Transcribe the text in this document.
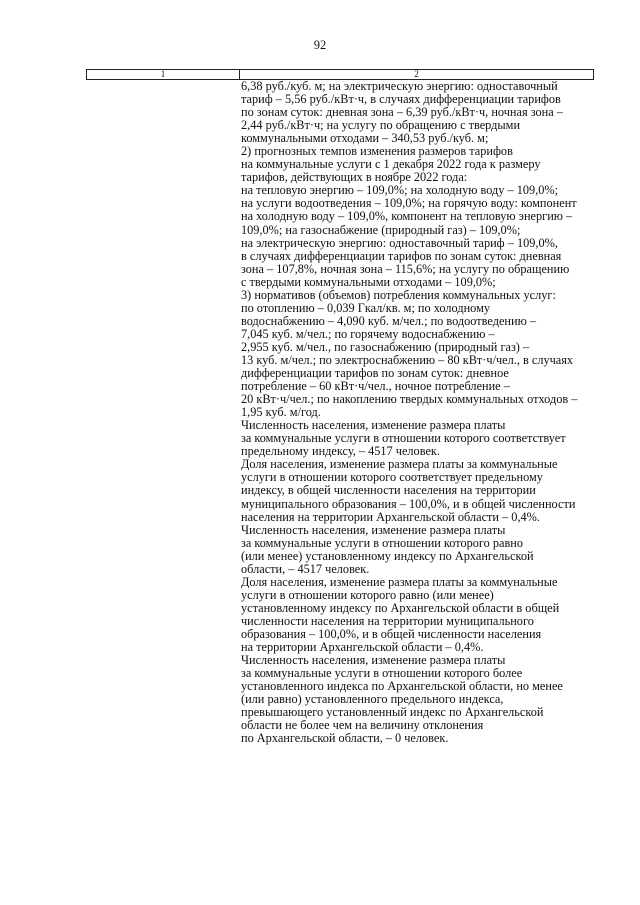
92
1	2
6,38 руб./куб. м; на электрическую энергию: одноставочный
тариф – 5,56 руб./кВт·ч, в случаях дифференциации тарифов
по зонам суток: дневная зона – 6,39 руб./кВт·ч, ночная зона –
2,44 руб./кВт·ч; на услугу по обращению с твердыми
коммунальными отходами – 340,53 руб./куб. м;
2) прогнозных темпов изменения размеров тарифов
на коммунальные услуги с 1 декабря 2022 года к размеру
тарифов, действующих в ноябре 2022 года:
на тепловую энергию – 109,0%; на холодную воду – 109,0%;
на услуги водоотведения – 109,0%; на горячую воду: компонент
на холодную воду – 109,0%, компонент на тепловую энергию –
109,0%; на газоснабжение (природный газ) – 109,0%;
на электрическую энергию: одноставочный тариф – 109,0%,
в случаях дифференциации тарифов по зонам суток: дневная
зона – 107,8%, ночная зона – 115,6%; на услугу по обращению
с твердыми коммунальными отходами – 109,0%;
3) нормативов (объемов) потребления коммунальных услуг:
по отоплению – 0,039 Гкал/кв. м; по холодному
водоснабжению – 4,090 куб. м/чел.; по водоотведению –
7,045 куб. м/чел.; по горячему водоснабжению –
2,955 куб. м/чел., по газоснабжению (природный газ) –
13 куб. м/чел.; по электроснабжению – 80 кВт·ч/чел., в случаях
дифференциации тарифов по зонам суток: дневное
потребление – 60 кВт·ч/чел., ночное потребление –
20 кВт·ч/чел.; по накоплению твердых коммунальных отходов –
1,95 куб. м/год.
Численность населения, изменение размера платы
за коммунальные услуги в отношении которого соответствует
предельному индексу, – 4517 человек.
Доля населения, изменение размера платы за коммунальные
услуги в отношении которого соответствует предельному
индексу, в общей численности населения на территории
муниципального образования – 100,0%, и в общей численности
населения на территории Архангельской области – 0,4%.
Численность населения, изменение размера платы
за коммунальные услуги в отношении которого равно
(или менее) установленному индексу по Архангельской
области, – 4517 человек.
Доля населения, изменение размера платы за коммунальные
услуги в отношении которого равно (или менее)
установленному индексу по Архангельской области в общей
численности населения на территории муниципального
образования – 100,0%, и в общей численности населения
на территории Архангельской области – 0,4%.
Численность населения, изменение размера платы
за коммунальные услуги в отношении которого более
установленного индекса по Архангельской области, но менее
(или равно) установленного предельного индекса,
превышающего установленный индекс по Архангельской
области не более чем на величину отклонения
по Архангельской области, – 0 человек.
